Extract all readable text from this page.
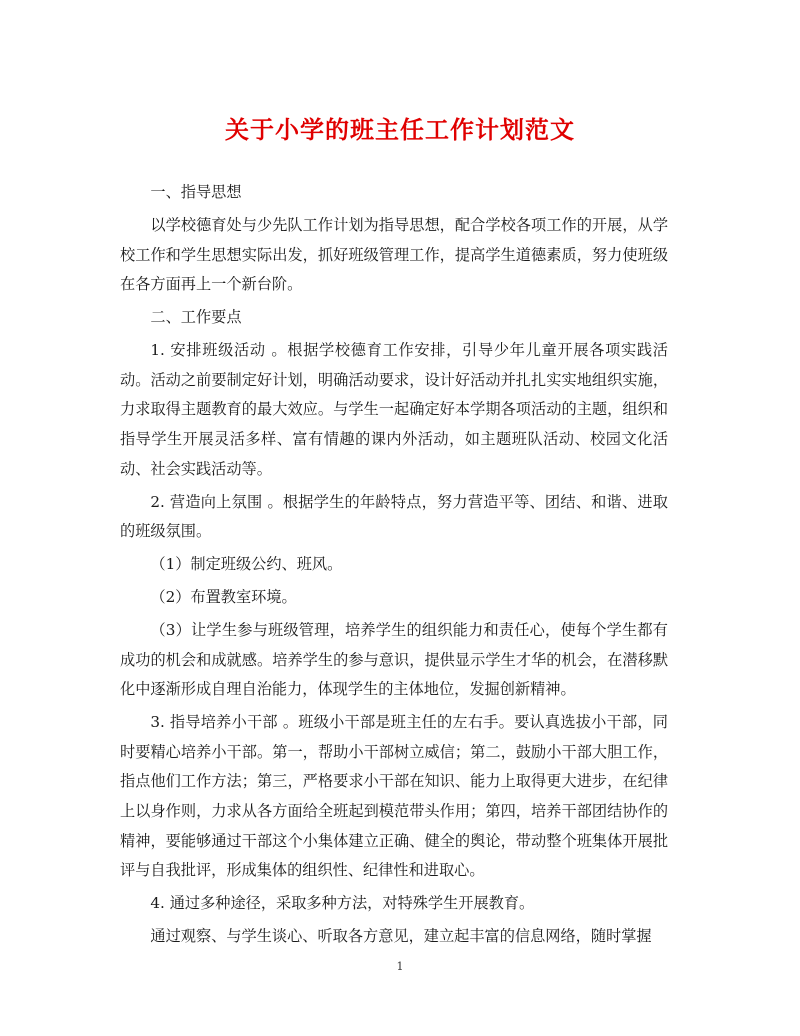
关于小学的班主任工作计划范文

一、指导思想

以学校德育处与少先队工作计划为指导思想，配合学校各项工作的开展，从学校工作和学生思想实际出发，抓好班级管理工作，提高学生道德素质，努力使班级在各方面再上一个新台阶。

二、工作要点

1. 安排班级活动 。根据学校德育工作安排，引导少年儿童开展各项实践活动。活动之前要制定好计划，明确活动要求，设计好活动并扎扎实实地组织实施，力求取得主题教育的最大效应。与学生一起确定好本学期各项活动的主题，组织和指导学生开展灵活多样、富有情趣的课内外活动，如主题班队活动、校园文化活动、社会实践活动等。

2. 营造向上氛围 。根据学生的年龄特点，努力营造平等、团结、和谐、进取的班级氛围。

（1）制定班级公约、班风。

（2）布置教室环境。

（3）让学生参与班级管理，培养学生的组织能力和责任心，使每个学生都有成功的机会和成就感。培养学生的参与意识，提供显示学生才华的机会，在潜移默化中逐渐形成自理自治能力，体现学生的主体地位，发掘创新精神。

3. 指导培养小干部 。班级小干部是班主任的左右手。要认真选拔小干部，同时要精心培养小干部。第一，帮助小干部树立威信；第二，鼓励小干部大胆工作，指点他们工作方法；第三，严格要求小干部在知识、能力上取得更大进步，在纪律上以身作则，力求从各方面给全班起到模范带头作用；第四，培养干部团结协作的精神，要能够通过干部这个小集体建立正确、健全的舆论，带动整个班集体开展批评与自我批评，形成集体的组织性、纪律性和进取心。

4. 通过多种途径，采取多种方法，对特殊学生开展教育。

通过观察、与学生谈心、听取各方意见，建立起丰富的信息网络，随时掌握

1
